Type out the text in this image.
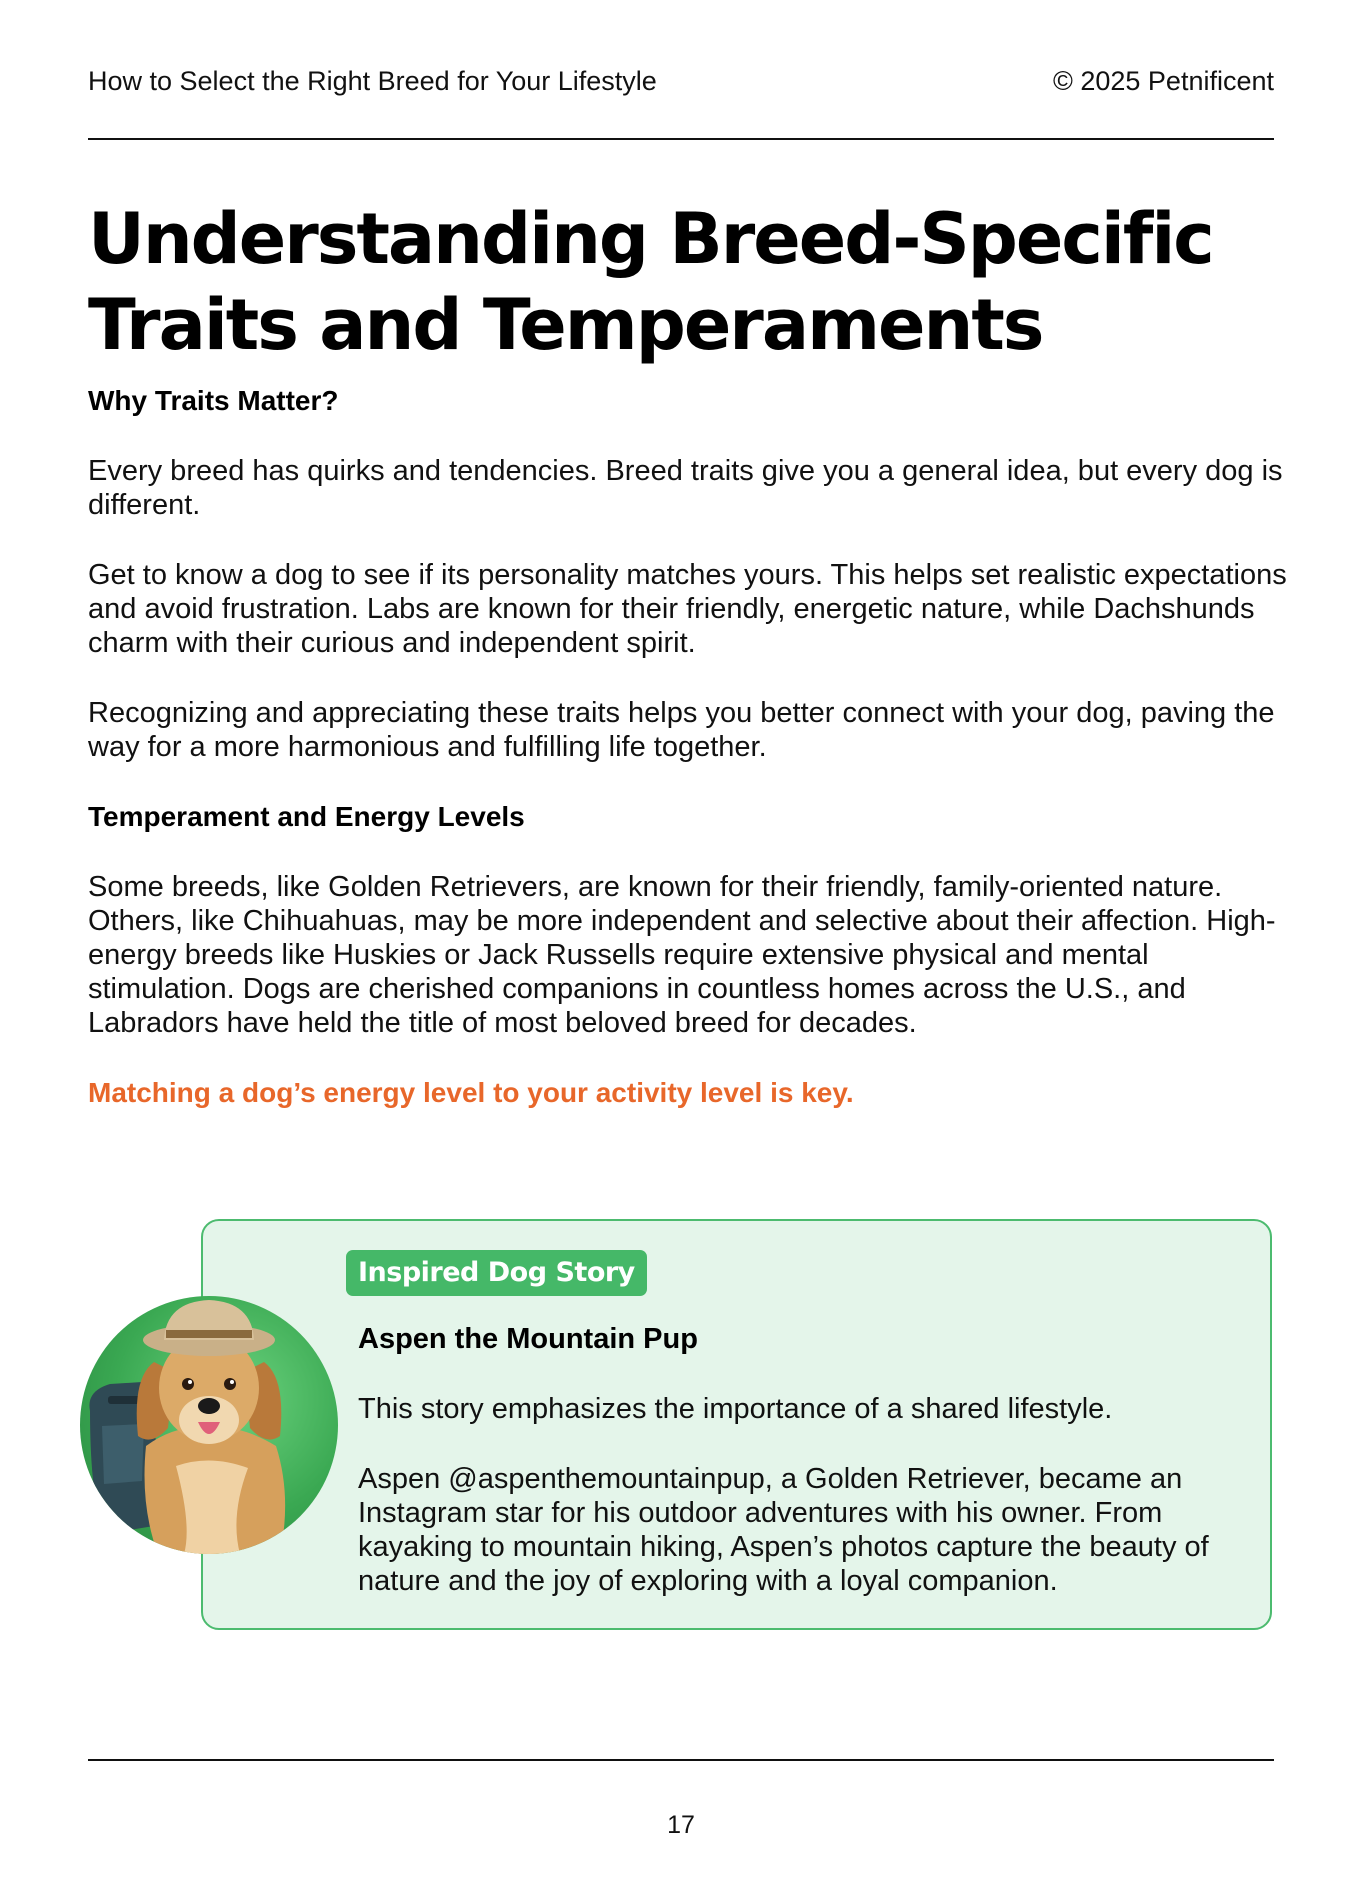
How to Select the Right Breed for Your Lifestyle	© 2025 Petnificent
Understanding Breed-Specific Traits and Temperaments

Why Traits Matter?

Every breed has quirks and tendencies. Breed traits give you a general idea, but every dog is different.

Get to know a dog to see if its personality matches yours. This helps set realistic expectations and avoid frustration. Labs are known for their friendly, energetic nature, while Dachshunds charm with their curious and independent spirit.

Recognizing and appreciating these traits helps you better connect with your dog, paving the way for a more harmonious and fulfilling life together.

Temperament and Energy Levels

Some breeds, like Golden Retrievers, are known for their friendly, family-oriented nature. Others, like Chihuahuas, may be more independent and selective about their affection. High-energy breeds like Huskies or Jack Russells require extensive physical and mental stimulation. Dogs are cherished companions in countless homes across the U.S., and Labradors have held the title of most beloved breed for decades.

Matching a dog’s energy level to your activity level is key.

Inspired Dog Story

Aspen the Mountain Pup

This story emphasizes the importance of a shared lifestyle.

Aspen @aspenthemountainpup, a Golden Retriever, became an Instagram star for his outdoor adventures with his owner. From kayaking to mountain hiking, Aspen’s photos capture the beauty of nature and the joy of exploring with a loyal companion.

17
